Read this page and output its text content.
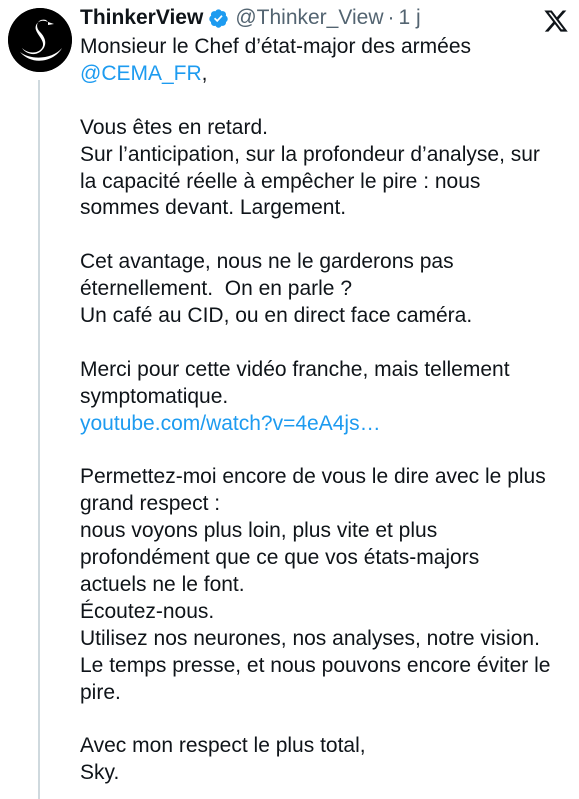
ThinkerView @Thinker_View · 1 j
Monsieur le Chef d’état-major des armées
@CEMA_FR,
Vous êtes en retard.
Sur l’anticipation, sur la profondeur d’analyse, sur
la capacité réelle à empêcher le pire : nous
sommes devant. Largement.
Cet avantage, nous ne le garderons pas
éternellement.  On en parle ?
Un café au CID, ou en direct face caméra.
Merci pour cette vidéo franche, mais tellement
symptomatique.
youtube.com/watch?v=4eA4js…
Permettez-moi encore de vous le dire avec le plus
grand respect :
nous voyons plus loin, plus vite et plus
profondément que ce que vos états-majors
actuels ne le font.
Écoutez-nous.
Utilisez nos neurones, nos analyses, notre vision.
Le temps presse, et nous pouvons encore éviter le
pire.
Avec mon respect le plus total,
Sky.
